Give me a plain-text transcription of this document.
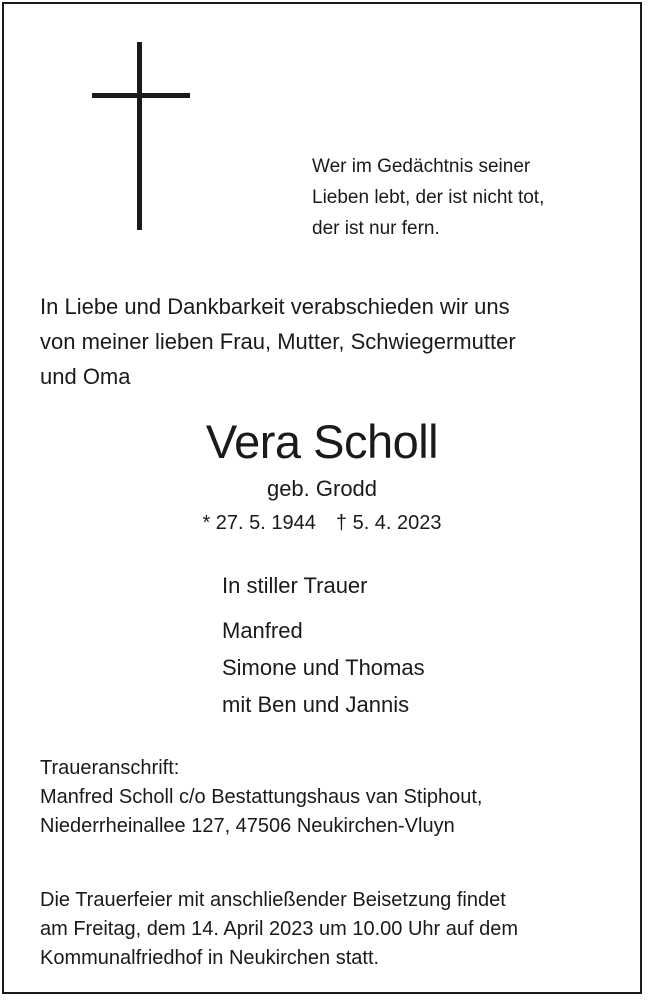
Wer im Gedächtnis seiner
Lieben lebt, der ist nicht tot,
der ist nur fern.
In Liebe und Dankbarkeit verabschieden wir uns
von meiner lieben Frau, Mutter, Schwiegermutter
und Oma
Vera Scholl
geb. Grodd
* 27. 5. 1944 † 5. 4. 2023
In stiller Trauer
Manfred
Simone und Thomas
mit Ben und Jannis
Traueranschrift:
Manfred Scholl c/o Bestattungshaus van Stiphout,
Niederrheinallee 127, 47506 Neukirchen-Vluyn
Die Trauerfeier mit anschließender Beisetzung findet
am Freitag, dem 14. April 2023 um 10.00 Uhr auf dem
Kommunalfriedhof in Neukirchen statt.
